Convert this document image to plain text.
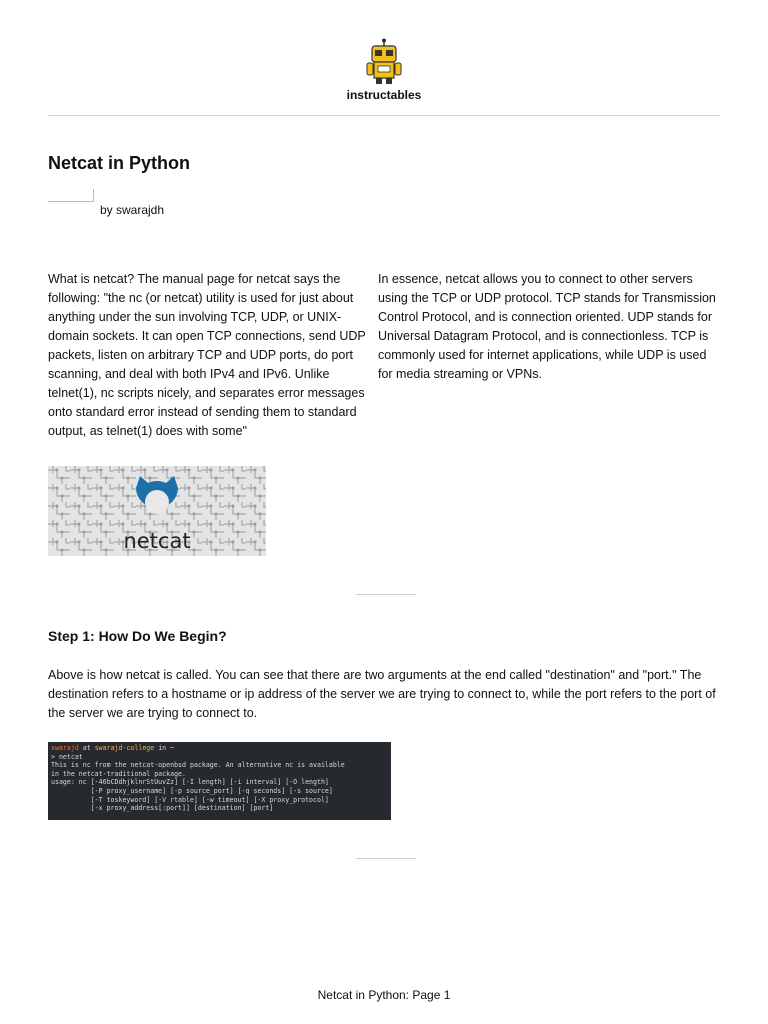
instructables
Netcat in Python
by swarajdh

What is netcat? The manual page for netcat says the following: "the nc (or netcat) utility is used for just about anything under the sun involving TCP, UDP, or UNIX-domain sockets. It can open TCP connections, send UDP packets, listen on arbitrary TCP and UDP ports, do port scanning, and deal with both IPv4 and IPv6. Unlike telnet(1), nc scripts nicely, and separates error messages onto standard error instead of sending them to standard output, as telnet(1) does with some"

In essence, netcat allows you to connect to other servers using the TCP or UDP protocol. TCP stands for Transmission Control Protocol, and is connection oriented. UDP stands for Universal Datagram Protocol, and is connectionless. TCP is commonly used for internet applications, while UDP is used for media streaming or VPNs.

netcat
Step 1: How Do We Begin?

Above is how netcat is called. You can see that there are two arguments at the end called "destination" and "port." The destination refers to a hostname or ip address of the server we are trying to connect to, while the port refers to the port of the server we are trying to connect to.

swarajd at swarajd-college in ~
> netcat
This is nc from the netcat-openbsd package. An alternative nc is available
in the netcat-traditional package.
usage: nc [-46bCDdhjklnrStUuvZz] [-I length] [-i interval] [-O length]
[-P proxy_username] [-p source_port] [-q seconds] [-s source]
[-T toskeyword] [-V rtable] [-w timeout] [-X proxy_protocol]
[-x proxy_address[:port]] [destination] [port]
Netcat in Python: Page 1
